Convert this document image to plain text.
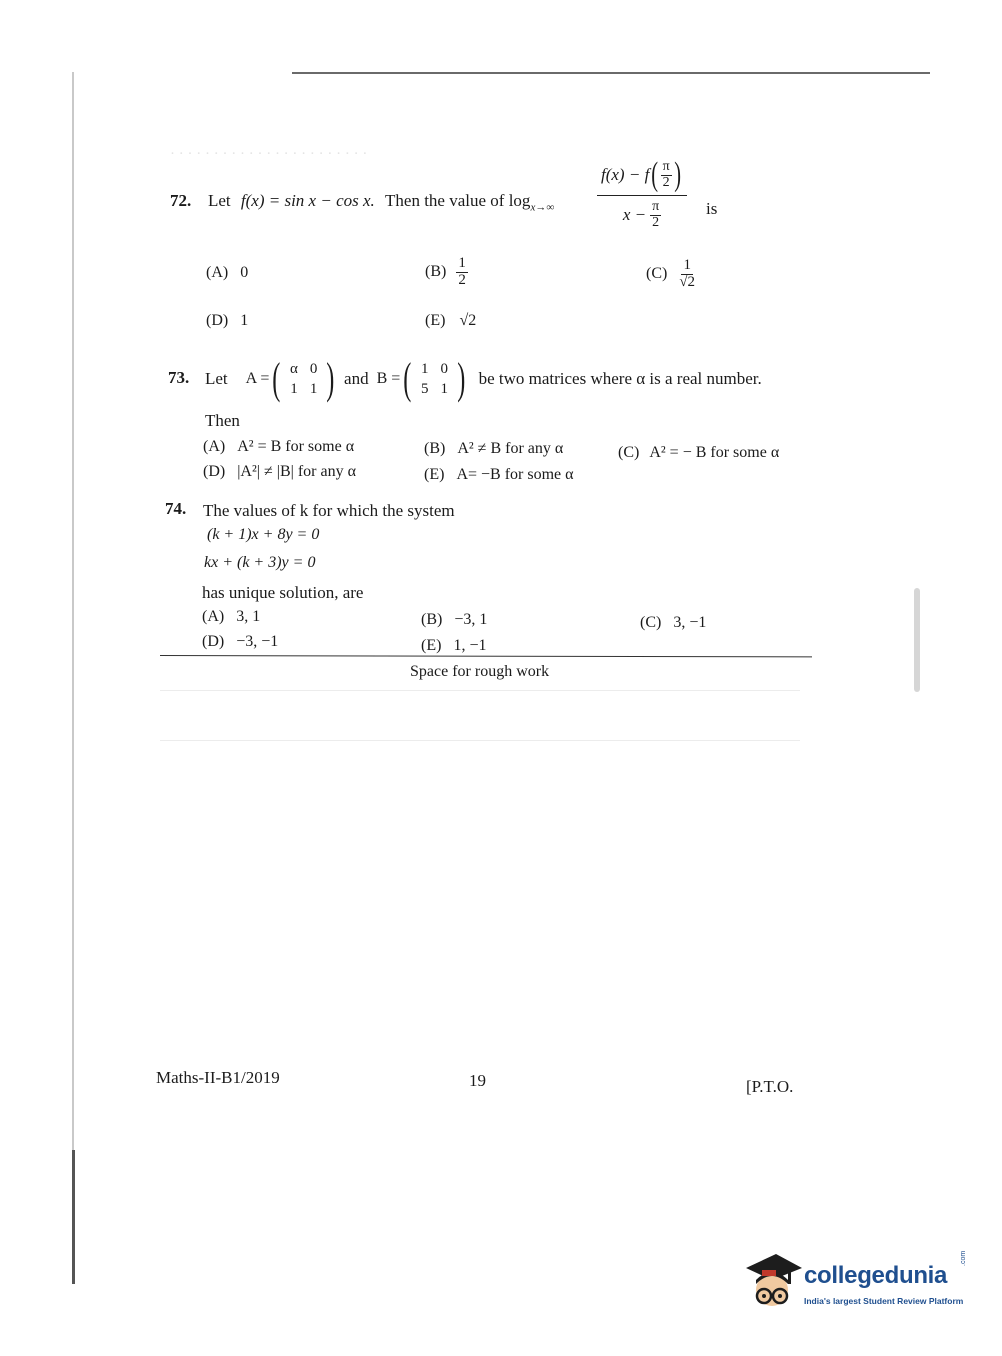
· · · · · · · · · · · · · · · · · · · · · · ·
72. Let f(x) = sin x − cos x. Then the value of $\log_{x\to\infty}$
f(x) − f ( $\frac{\pi}{2}$ )
$x - \frac{\pi}{2}$	is
(A) 0	$(B) \frac{1}{2}$	$(C) \frac{1}{√2}$
(D) 1	(E) √2
73. Let A = ( α	0
1	1 ) and B = ( 1	0
5	1 ) be two matrices where α is a real number.
Then
(A) A² = B for some α	(B) A² ≠ B for any α	(C) A² = − B for some α
(D) |A²| ≠ |B| for any α	(E) A= −B for some α
74. The values of k for which the system
(k + 1)x + 8y = 0
kx + (k + 3)y = 0
has unique solution, are
(A) 3, 1	(B) −3, 1	(C) 3, −1
(D) −3, −1	(E) 1, −1
Space for rough work
Maths-II-B1/2019	19	[P.T.O.
collegedunia
.com
India's largest Student Review Platform
